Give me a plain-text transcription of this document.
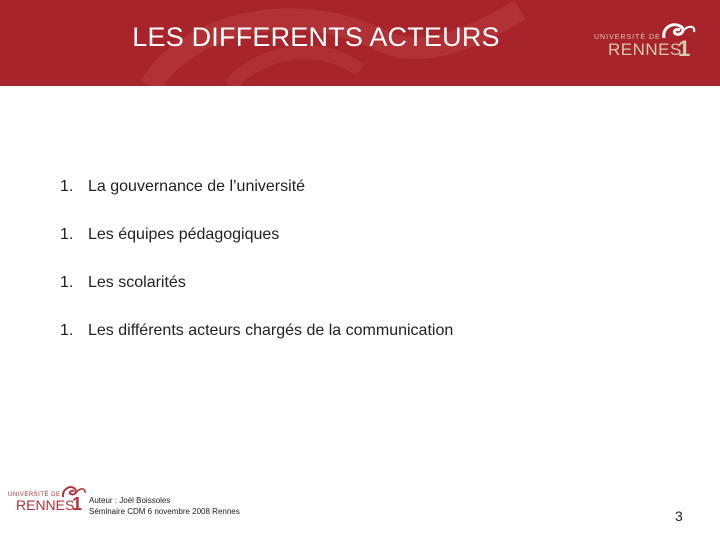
LES DIFFERENTS ACTEURS	UNIVERSITÉ DE
RENNES
1
1. La gouvernance de l’université
1. Les équipes pédagogiques
1. Les scolarités
1. Les différents acteurs chargés de la communication
UNIVERSITÉ DE
RENNES
1 Auteur : Joël Boissoles
Séminaire CDM 6 novembre 2008 Rennes	3
